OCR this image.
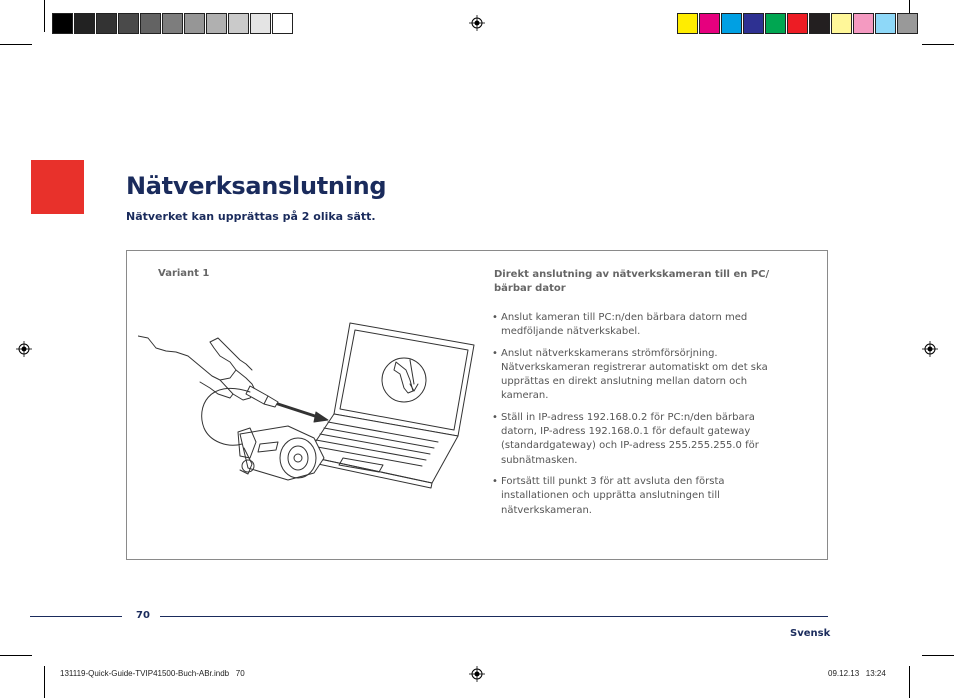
Nätverksanslutning
Nätverket kan upprättas på 2 olika sätt.
Variant 1	Direkt anslutning av nätverkskameran till en PC/ bärbar dator
• Anslut kameran till PC:n/den bärbara datorn med medföljande nätverkskabel.
• Anslut nätverkskamerans strömförsörjning. Nätverkskameran registrerar automatiskt om det ska upprättas en direkt anslutning mellan datorn och kameran.
• Ställ in IP-adress 192.168.0.2 för PC:n/den bärbara datorn, IP-adress 192.168.0.1 för default gateway (standardgateway) och IP-adress 255.255.255.0 för subnätmasken.
• Fortsätt till punkt 3 för att avsluta den första installationen och upprätta anslutningen till nätverkskameran.
70
Svensk
131119-Quick-Guide-TVIP41500-Buch-ABr.indb   70	09.12.13   13:24
